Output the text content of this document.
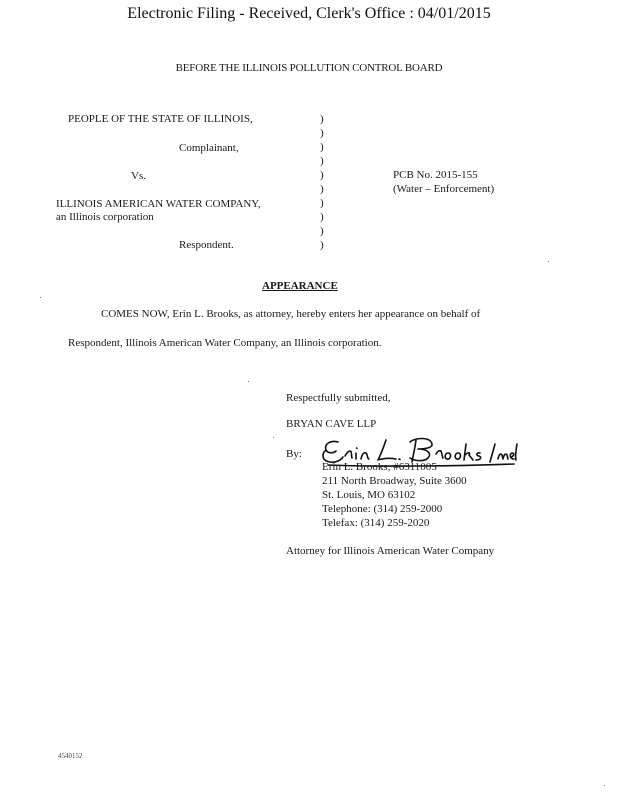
Electronic Filing - Received, Clerk's Office : 04/01/2015
BEFORE THE ILLINOIS POLLUTION CONTROL BOARD
PEOPLE OF THE STATE OF ILLINOIS,
Complainant,
Vs.
ILLINOIS AMERICAN WATER COMPANY,
an Illinois corporation
Respondent.
)
)
)
)
)
)
)
)
)
)
PCB No. 2015-155
(Water – Enforcement)
APPEARANCE
COMES NOW, Erin L. Brooks, as attorney, hereby enters her appearance on behalf of
Respondent, Illinois American Water Company, an Illinois corporation.
Respectfully submitted,
BRYAN CAVE LLP
By:
Erin L. Brooks, #6311005
211 North Broadway, Suite 3600
St. Louis, MO 63102
Telephone: (314) 259-2000
Telefax: (314) 259-2020
Attorney for Illinois American Water Company
4540152
